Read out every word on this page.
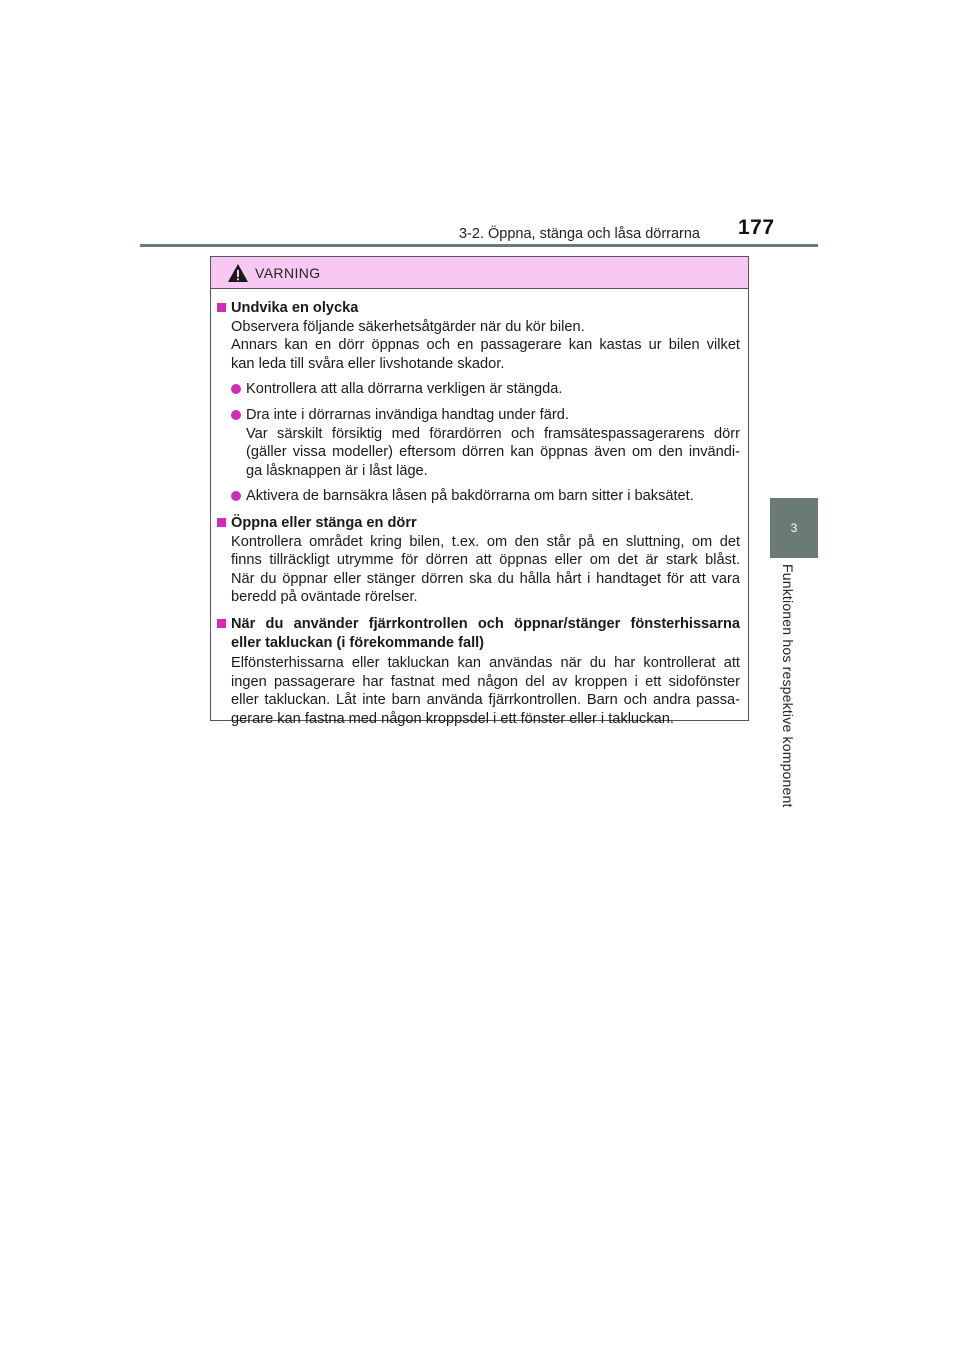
3-2. Öppna, stänga och låsa dörrarna 177
3
Funktionen hos respektive komponent
VARNING
Undvika en olycka
Observera följande säkerhetsåtgärder när du kör bilen.
Annars kan en dörr öppnas och en passagerare kan kastas ur bilen vilket
kan leda till svåra eller livshotande skador.
Kontrollera att alla dörrarna verkligen är stängda.
Dra inte i dörrarnas invändiga handtag under färd.
Var särskilt försiktig med förardörren och framsätespassagerarens dörr
(gäller vissa modeller) eftersom dörren kan öppnas även om den invändi-
ga låsknappen är i låst läge.
Aktivera de barnsäkra låsen på bakdörrarna om barn sitter i baksätet.
Öppna eller stänga en dörr
Kontrollera området kring bilen, t.ex. om den står på en sluttning, om det
finns tillräckligt utrymme för dörren att öppnas eller om det är stark blåst.
När du öppnar eller stänger dörren ska du hålla hårt i handtaget för att vara
beredd på oväntade rörelser.
När du använder fjärrkontrollen och öppnar/stänger fönsterhissarna
eller takluckan (i förekommande fall)
Elfönsterhissarna eller takluckan kan användas när du har kontrollerat att
ingen passagerare har fastnat med någon del av kroppen i ett sidofönster
eller takluckan. Låt inte barn använda fjärrkontrollen. Barn och andra passa-
gerare kan fastna med någon kroppsdel i ett fönster eller i takluckan.
